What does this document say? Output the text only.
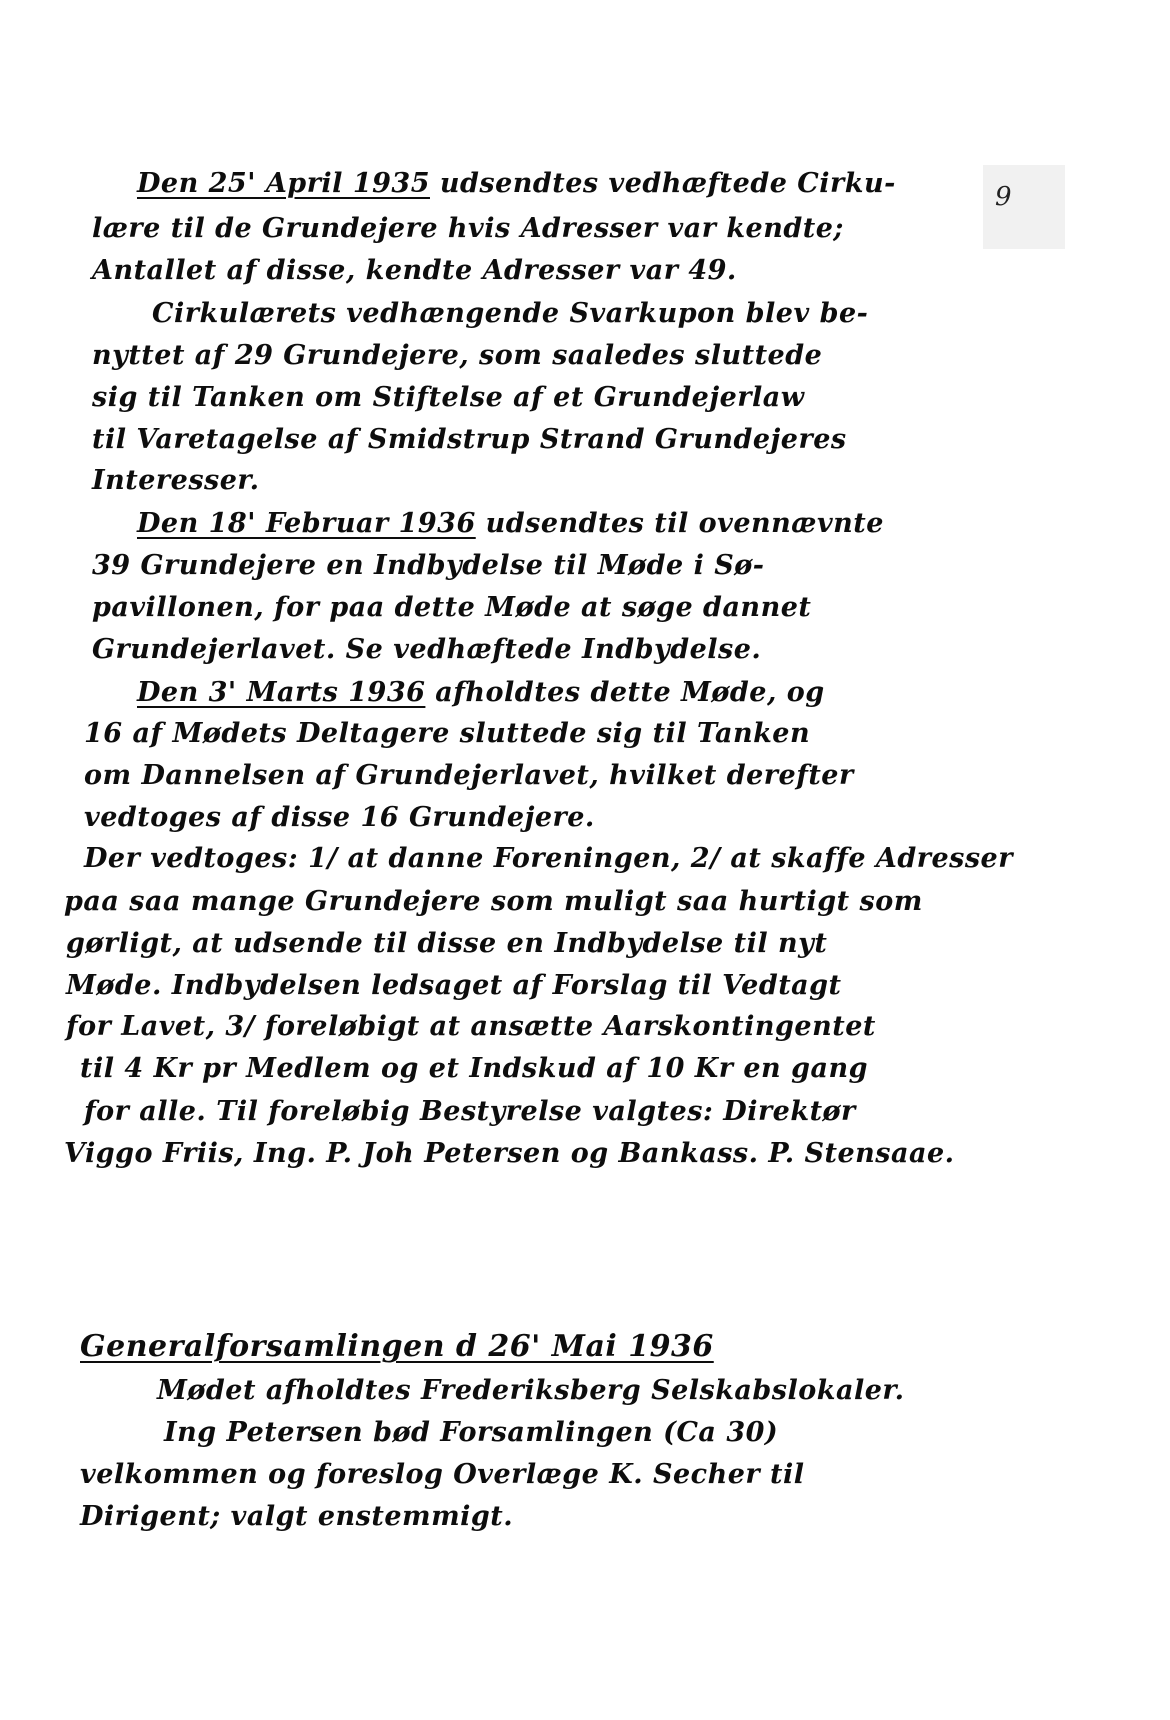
9
Den 25' April 1935 udsendtes vedhæftede Cirku-
lære til de Grundejere hvis Adresser var kendte;
Antallet af disse, kendte Adresser var 49.
Cirkulærets vedhængende Svarkupon blev be-
nyttet af 29 Grundejere, som saaledes sluttede
sig til Tanken om Stiftelse af et Grundejerlaw
til Varetagelse af Smidstrup Strand Grundejeres
Interesser.
Den 18' Februar 1936 udsendtes til ovennævnte
39 Grundejere en Indbydelse til Møde i Sø-
pavillonen, for paa dette Møde at søge dannet
Grundejerlavet. Se vedhæftede Indbydelse.
Den 3' Marts 1936 afholdtes dette Møde, og
16 af Mødets Deltagere sluttede sig til Tanken
om Dannelsen af Grundejerlavet, hvilket derefter
vedtoges af disse 16 Grundejere.
Der vedtoges: 1/ at danne Foreningen, 2/ at skaffe Adresser
paa saa mange Grundejere som muligt saa hurtigt som
gørligt, at udsende til disse en Indbydelse til nyt
Møde. Indbydelsen ledsaget af Forslag til Vedtagt
for Lavet, 3/ foreløbigt at ansætte Aarskontingentet
til 4 Kr pr Medlem og et Indskud af 10 Kr en gang
for alle. Til foreløbig Bestyrelse valgtes: Direktør
Viggo Friis, Ing. P. Joh Petersen og Bankass. P. Stensaae.
Generalforsamlingen d 26' Mai 1936
Mødet afholdtes Frederiksberg Selskabslokaler.
Ing Petersen bød Forsamlingen (Ca 30)
velkommen og foreslog Overlæge K. Secher til
Dirigent; valgt enstemmigt.
